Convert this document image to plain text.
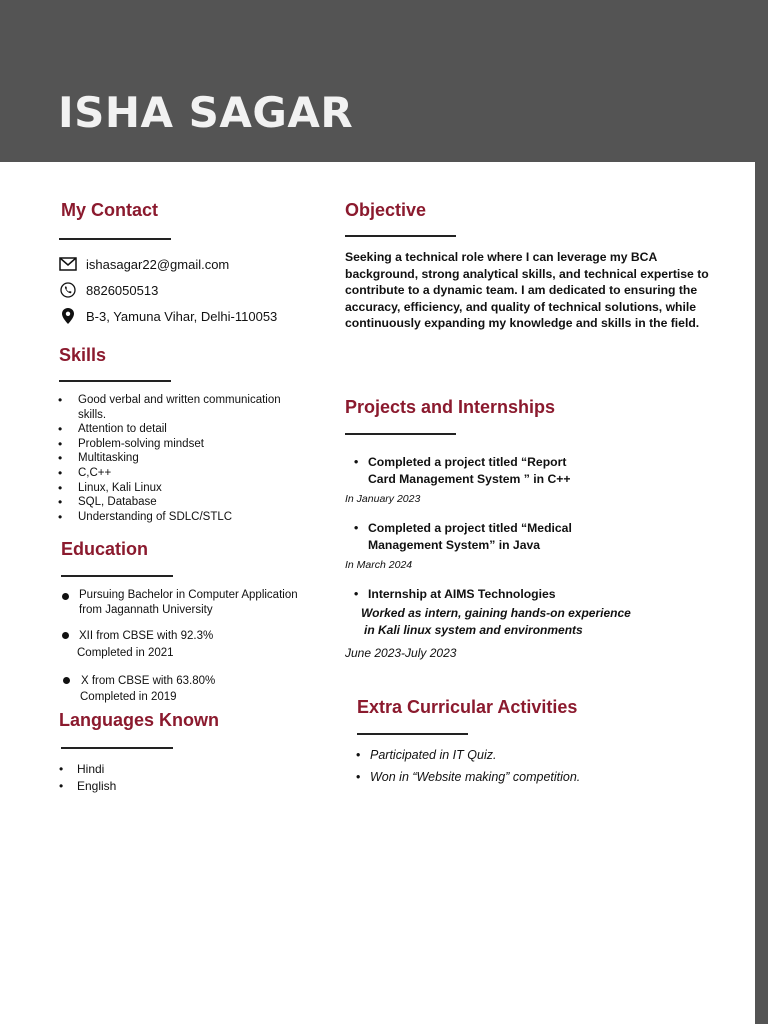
ISHA SAGAR
My Contact
ishasagar22@gmail.com
8826050513
B-3, Yamuna Vihar, Delhi-110053
Skills
• Good verbal and written communication skills.
• Attention to detail
• Problem-solving mindset
• Multitasking
• C,C++
• Linux, Kali Linux
• SQL, Database
• Understanding of SDLC/STLC
Education
Pursuing Bachelor in Computer Application
from Jagannath University
XII from CBSE with 92.3%
Completed in 2021
X from CBSE with 63.80%
Completed in 2019
Languages Known
• Hindi
• English
Objective
Seeking a technical role where I can leverage my BCA background, strong analytical skills, and technical expertise to contribute to a dynamic team. I am dedicated to ensuring the accuracy, efficiency, and quality of technical solutions, while continuously expanding my knowledge and skills in the field.
Projects and Internships
• Completed a project titled “Report
Card Management System ” in C++
In January 2023
• Completed a project titled “Medical
Management System” in Java
In March 2024
• Internship at AIMS Technologies
Worked as intern, gaining hands-on experience
in Kali linux system and environments
June 2023-July 2023
Extra Curricular Activities
• Participated in IT Quiz.
• Won in “Website making” competition.
